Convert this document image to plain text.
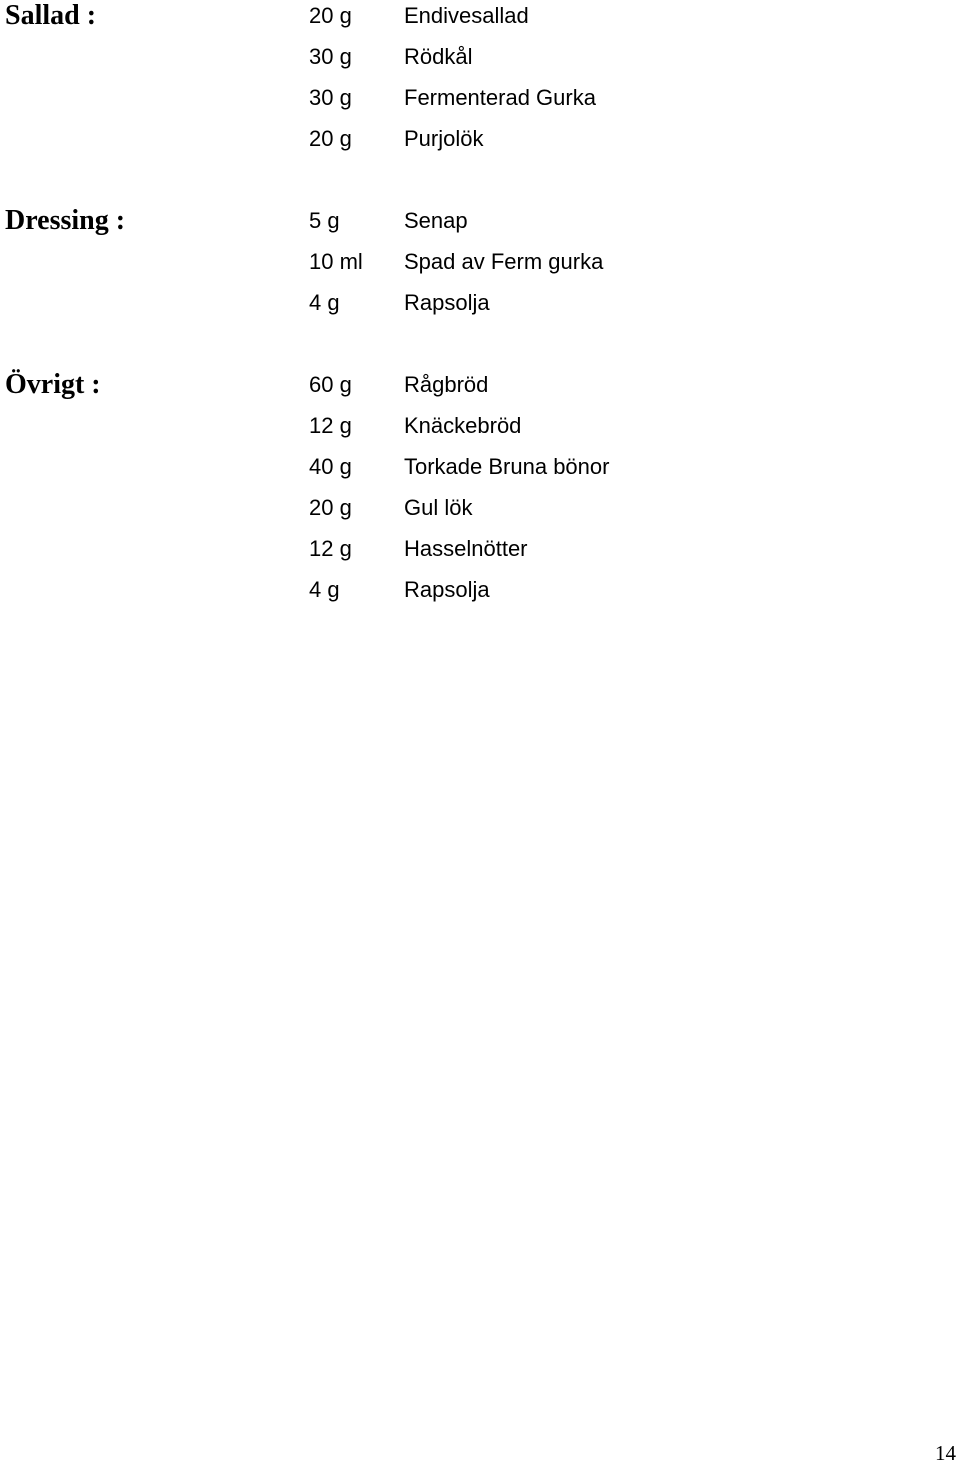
Sallad :	20 g Endivesallad
30 g Rödkål
30 g Fermenterad Gurka
20 g Purjolök
Dressing :	5 g	Senap
10 ml Spad av Ferm gurka
4 g	Rapsolja
Övrigt :	60 g Rågbröd
12 g Knäckebröd
40 g Torkade Bruna bönor
20 g Gul lök
12 g Hasselnötter
4 g	Rapsolja
14
